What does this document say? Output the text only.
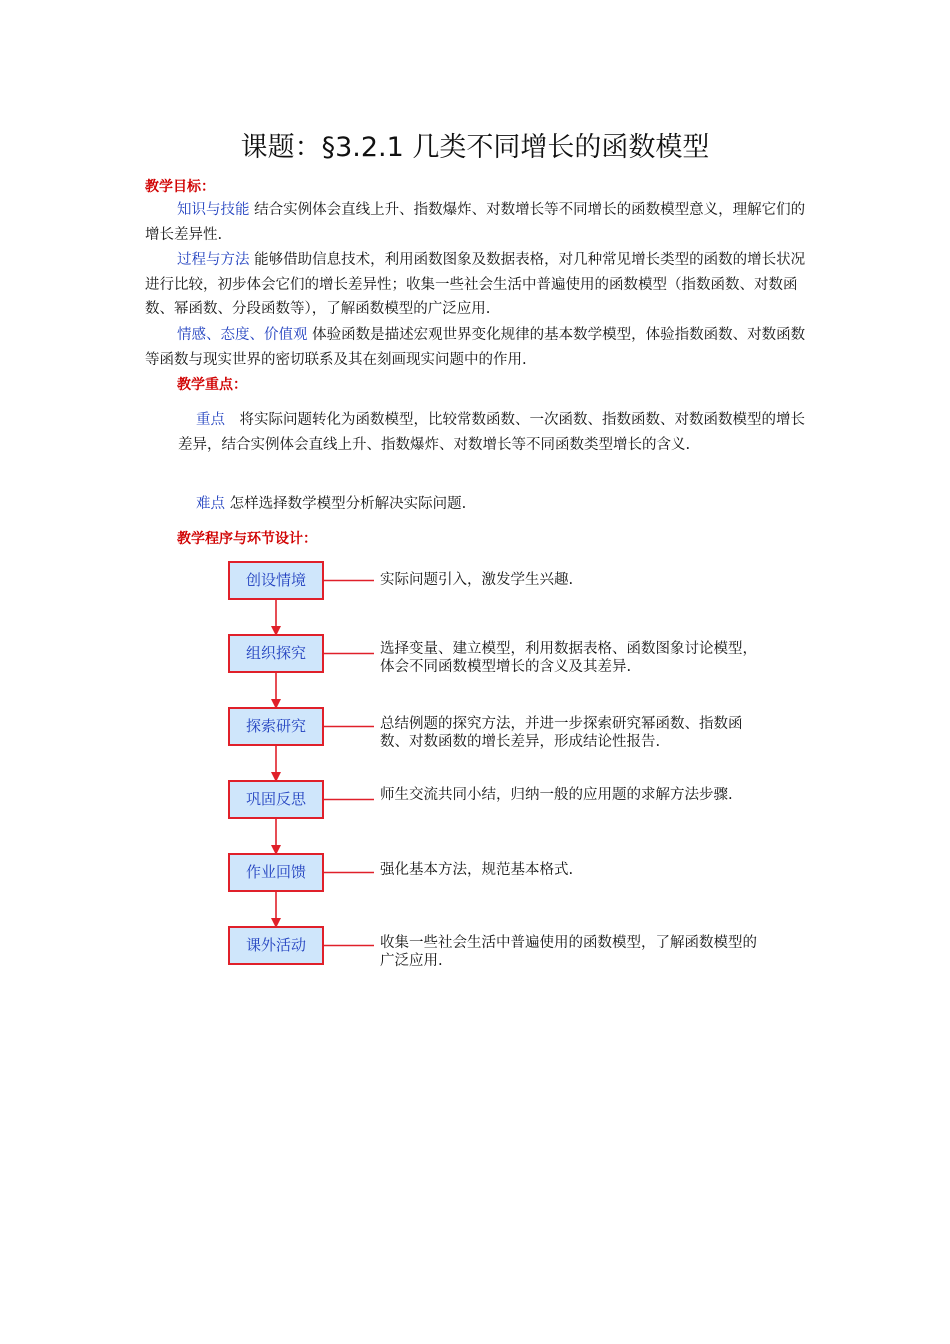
课题：§3.2.1 几类不同增长的函数模型
教学目标：

知识与技能 结合实例体会直线上升、指数爆炸、对数增长等不同增长的函数模型意义，理解它们的增长差异性.

过程与方法 能够借助信息技术，利用函数图象及数据表格，对几种常见增长类型的函数的增长状况进行比较，初步体会它们的增长差异性；收集一些社会生活中普遍使用的函数模型（指数函数、对数函数、幂函数、分段函数等），了解函数模型的广泛应用.

情感、态度、价值观 体验函数是描述宏观世界变化规律的基本数学模型，体验指数函数、对数函数等函数与现实世界的密切联系及其在刻画现实问题中的作用.

教学重点：

重点　将实际问题转化为函数模型，比较常数函数、一次函数、指数函数、对数函数模型的增长差异，结合实例体会直线上升、指数爆炸、对数增长等不同函数类型增长的含义.

难点 怎样选择数学模型分析解决实际问题.

教学程序与环节设计：
创设情境	实际问题引入，激发学生兴趣.
组织探究	选择变量、建立模型，利用数据表格、函数图象讨论模型，体会不同函数模型增长的含义及其差异.
探索研究	总结例题的探究方法，并进一步探索研究幂函数、指数函数、对数函数的增长差异，形成结论性报告.
巩固反思	师生交流共同小结，归纳一般的应用题的求解方法步骤.
作业回馈	强化基本方法，规范基本格式.
课外活动	收集一些社会生活中普遍使用的函数模型，了解函数模型的广泛应用.
